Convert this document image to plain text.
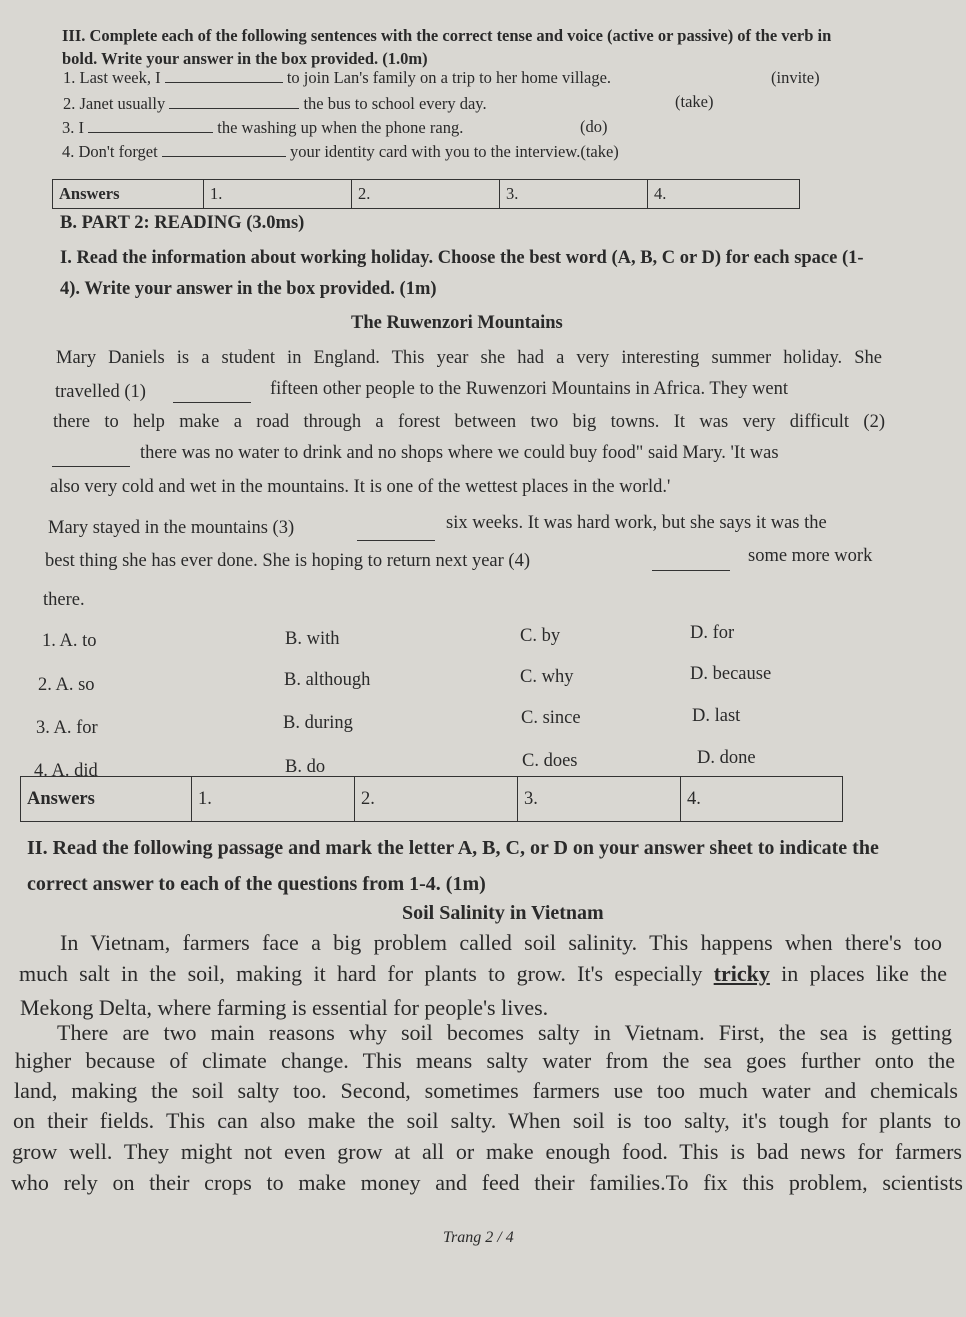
III. Complete each of the following sentences with the correct tense and voice (active or passive) of the verb in bold. Write your answer in the box provided. (1.0m)
1. Last week, I	to join Lan's family on a trip to her home village.	(invite)
2. Janet usually	the bus to school every day.	(take)
3. I	the washing up when the phone rang.	(do)
4. Don't forget	your identity card with you to the interview.(take)
Answers	1.	2.	3.	4.
B. PART 2: READING (3.0ms)
I. Read the information about working holiday. Choose the best word (A, B, C or D) for each space (1-4). Write your answer in the box provided. (1m)
The Ruwenzori Mountains
Mary Daniels is a student in England. This year she had a very interesting summer holiday. She
travelled (1)	fifteen other people to the Ruwenzori Mountains in Africa. They went
there to help make a road through a forest between two big towns. It was very difficult (2)
there was no water to drink and no shops where we could buy food" said Mary. 'It was
also very cold and wet in the mountains. It is one of the wettest places in the world.'
Mary stayed in the mountains (3)	six weeks. It was hard work, but she says it was the
best thing she has ever done. She is hoping to return next year (4)	some more work
there.
1. A. to	B. with	C. by	D. for
2. A. so	B. although	C. why	D. because
3. A. for	B. during	C. since	D. last
4. A. did	B. do	C. does	D. done
Answers	1.	2.	3.	4.
II. Read the following passage and mark the letter A, B, C, or D on your answer sheet to indicate the correct answer to each of the questions from 1-4. (1m)
Soil Salinity in Vietnam
In Vietnam, farmers face a big problem called soil salinity. This happens when there's too
much salt in the soil, making it hard for plants to grow. It's especially tricky in places like the
Mekong Delta, where farming is essential for people's lives.
There are two main reasons why soil becomes salty in Vietnam. First, the sea is getting
higher because of climate change. This means salty water from the sea goes further onto the
land, making the soil salty too. Second, sometimes farmers use too much water and chemicals
on their fields. This can also make the soil salty. When soil is too salty, it's tough for plants to
grow well. They might not even grow at all or make enough food. This is bad news for farmers
who rely on their crops to make money and feed their families.To fix this problem, scientists
Trang 2 / 4
